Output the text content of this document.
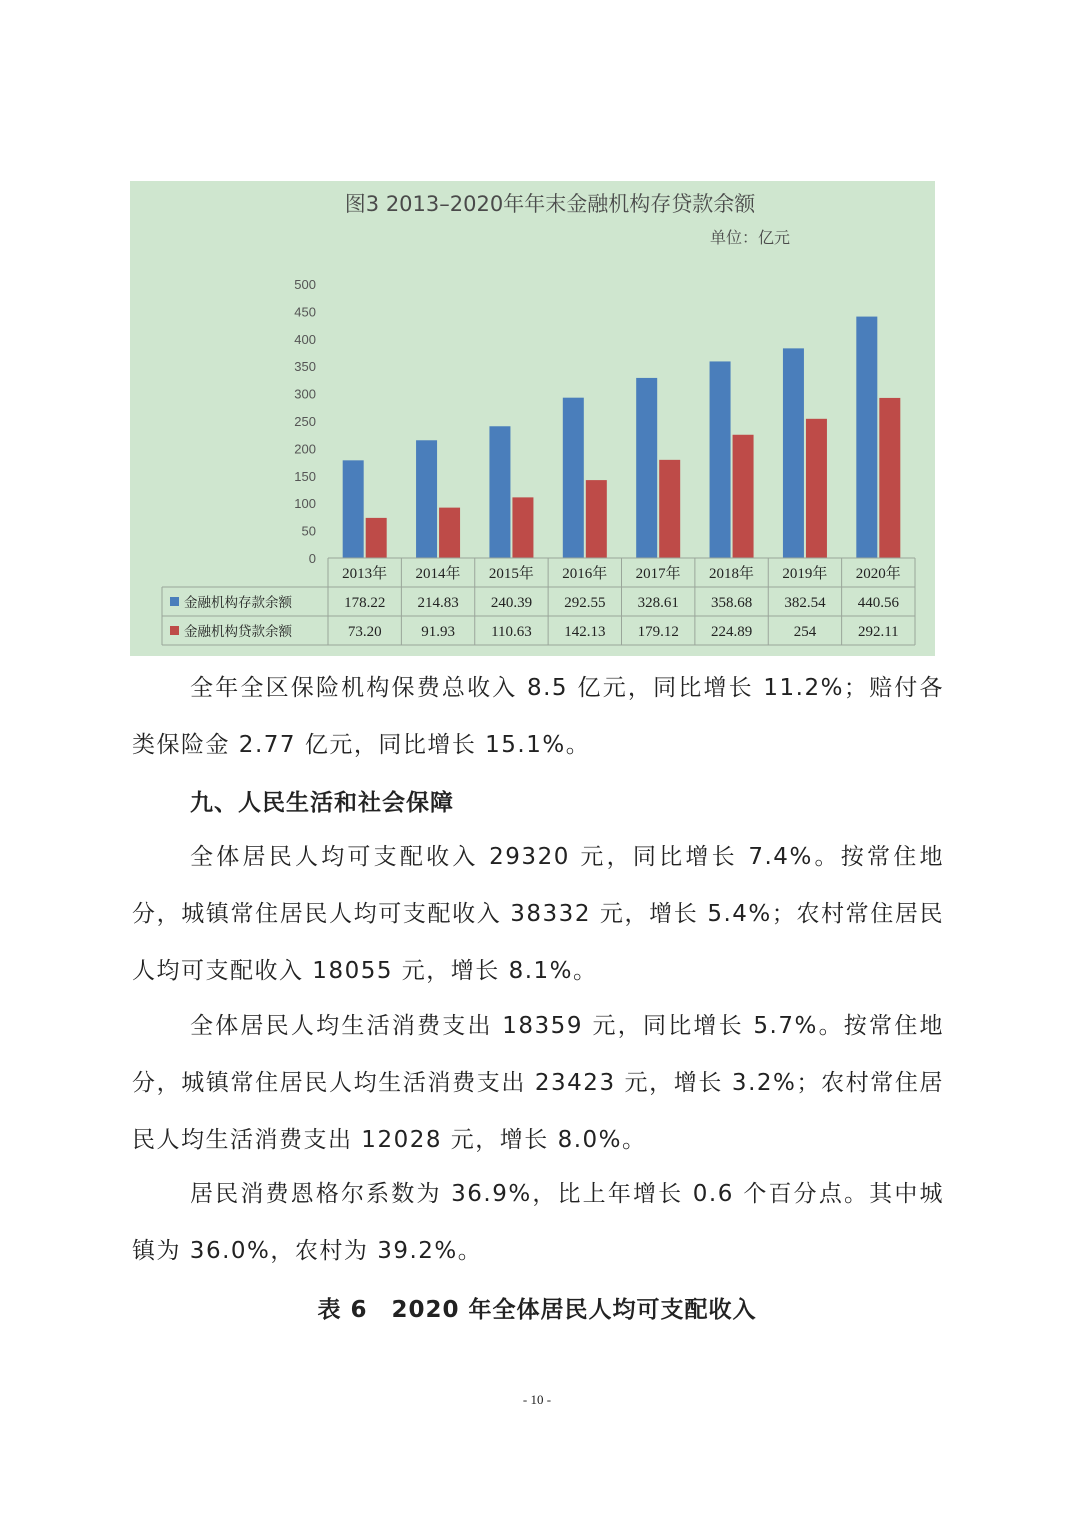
图3 2013–2020年年末金融机构存贷款余额
单位：亿元
0
50
100
150
200
250
300
350
400
450
500
2013年 2014年 2015年 2016年 2017年 2018年 2019年 2020年
金融机构存款余额	178.22 214.83 240.39 292.55 328.61 358.68 382.54 440.56
金融机构贷款余额	73.20	91.93 110.63 142.13 179.12 224.89	254	292.11

全年全区保险机构保费总收入 8.5 亿元，同比增长 11.2%；赔付各类保险金 2.77 亿元，同比增长 15.1%。

九、人民生活和社会保障

全体居民人均可支配收入 29320 元，同比增长 7.4%。按常住地分，城镇常住居民人均可支配收入 38332 元，增长 5.4%；农村常住居民人均可支配收入 18055 元，增长 8.1%。

全体居民人均生活消费支出 18359 元，同比增长 5.7%。按常住地分，城镇常住居民人均生活消费支出 23423 元，增长 3.2%；农村常住居民人均生活消费支出 12028 元，增长 8.0%。

居民消费恩格尔系数为 36.9%，比上年增长 0.6 个百分点。其中城镇为 36.0%，农村为 39.2%。

表 6　2020 年全体居民人均可支配收入

- 10 -
